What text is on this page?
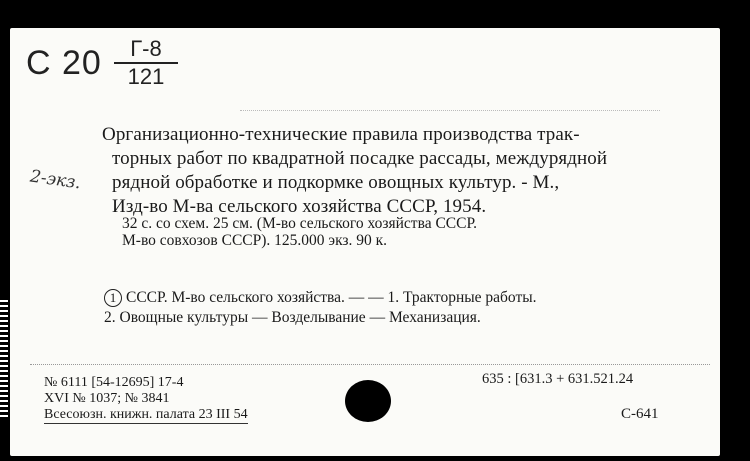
С 20	Г-8
121
2-экз.
Организационно-технические правила производства трак-
торных работ по квадратной посадке рассады, междурядной
рядной обработке и подкормке овощных культур. - М.,
Изд-во М-ва сельского хозяйства СССР, 1954.
32 с. со схем. 25 см. (М-во сельского хозяйства СССР.
М-во совхозов СССР). 125.000 экз. 90 к.
1 СССР. М-во сельского хозяйства. — — 1. Тракторные работы.
2. Овощные культуры — Возделывание — Механизация.
№ 6111 [54-12695] 17-4
XVI № 1037; № 3841
Всесоюзн. книжн. палата 23 III 54
635 : [631.3 + 631.521.24
С-641
